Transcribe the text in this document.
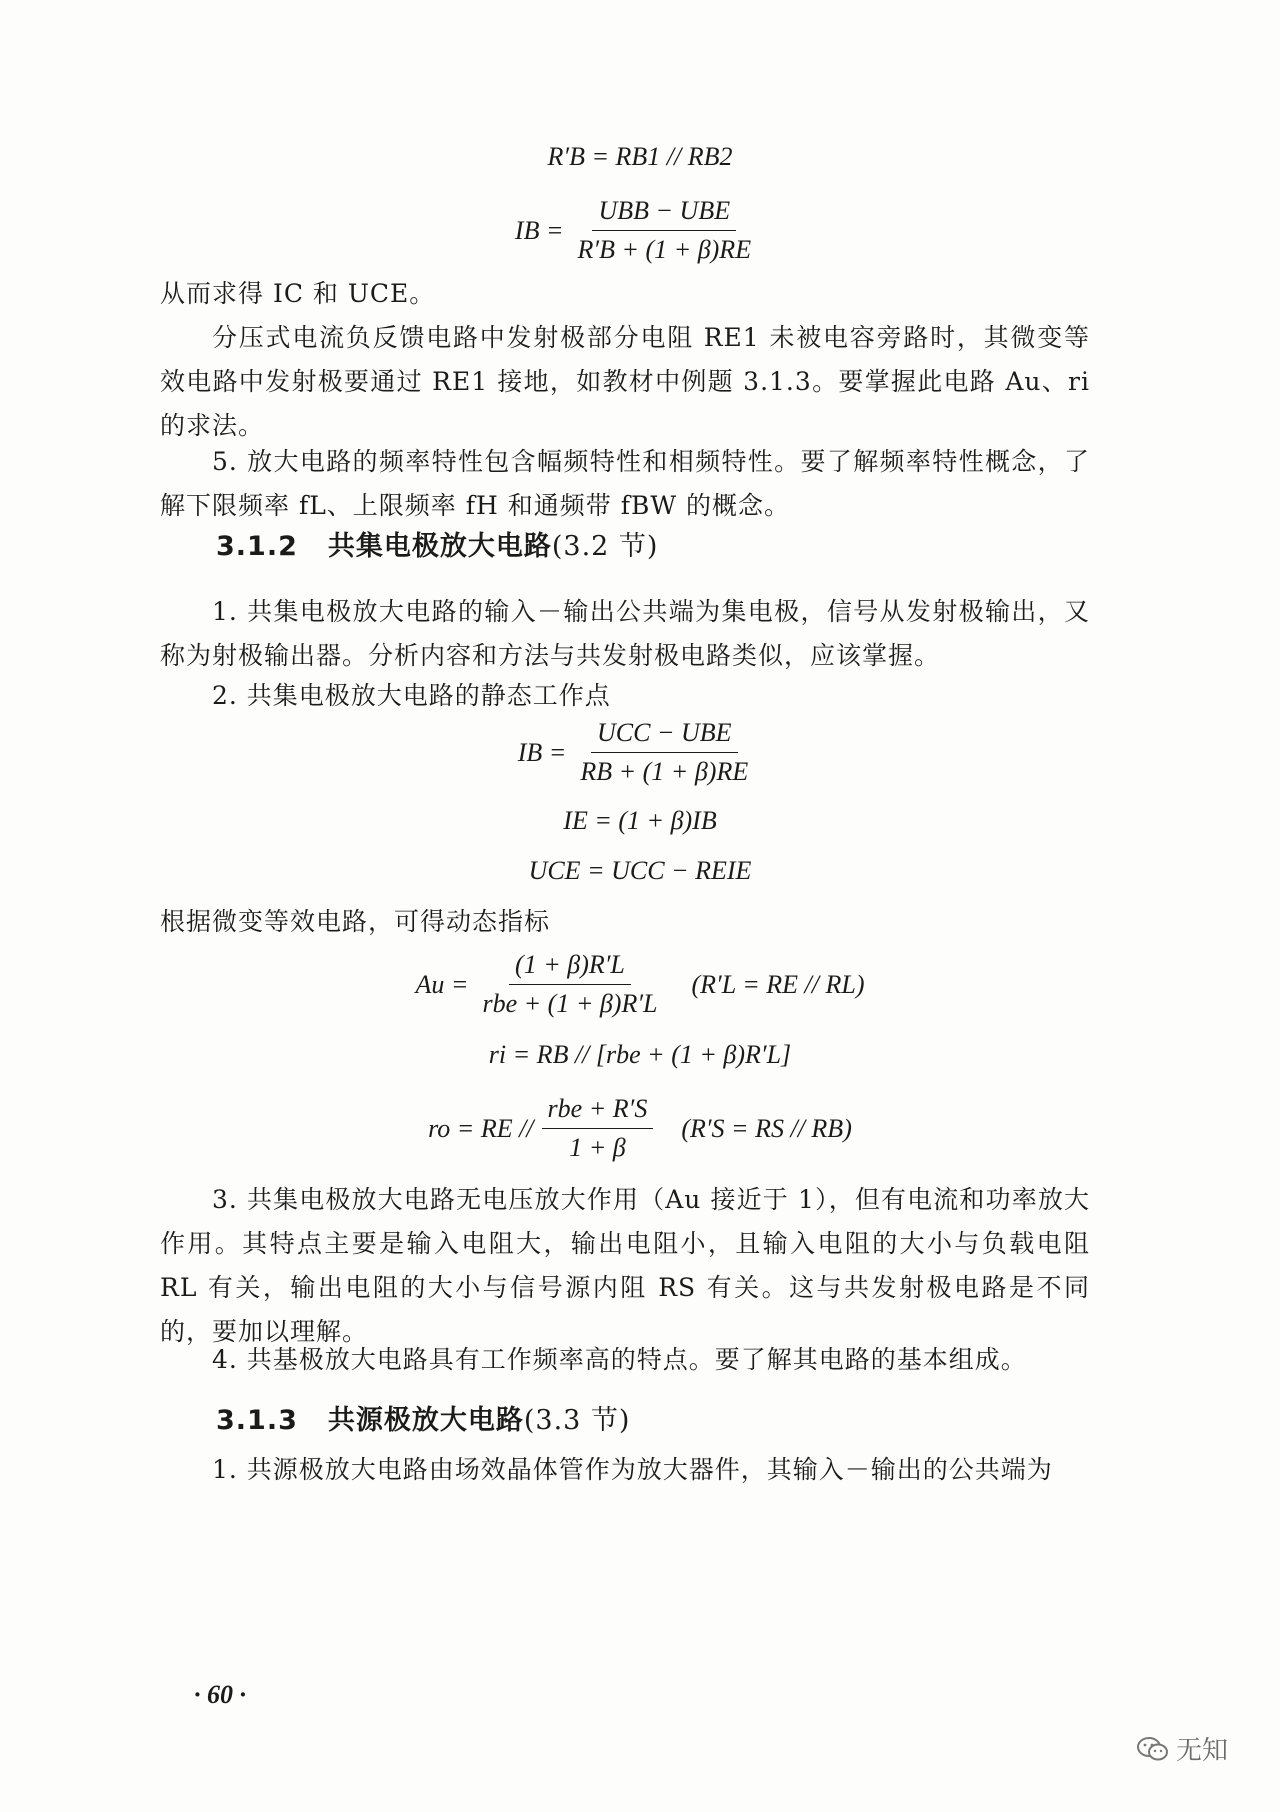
R′B = RB1 // RB2
IB = $\frac{\text{UBB − UBE}}{R'B + (1 + \beta)RE}$
从而求得 IC 和 UCE。
分压式电流负反馈电路中发射极部分电阻 RE1 未被电容旁路时，其微变等效电路中发射极要通过 RE1 接地，如教材中例题 3.1.3。要掌握此电路 Au、ri 的求法。
5. 放大电路的频率特性包含幅频特性和相频特性。要了解频率特性概念，了解下限频率 fL、上限频率 fH 和通频带 fBW 的概念。
3.1.2 共集电极放大电路(3.2 节)
1. 共集电极放大电路的输入－输出公共端为集电极，信号从发射极输出，又称为射极输出器。分析内容和方法与共发射极电路类似，应该掌握。
2. 共集电极放大电路的静态工作点
IB = $\frac{\text{UCC − UBE}}{RB + (1 + \beta)RE}$
IE = (1 + β)IB
UCE = UCC − REIE
根据微变等效电路，可得动态指标
$Au = \frac{(1 + \beta)R'L}{\text{rbe + (1 + β)R′L}} (R'L$ = RE // RL)
ri = RB // [rbe + (1 + β)R′L]
ro = RE // $\frac{\text{rbe + R′S}}{1 + \beta} (R'S$ = RS // RB)
3. 共集电极放大电路无电压放大作用（Au 接近于 1），但有电流和功率放大作用。其特点主要是输入电阻大，输出电阻小，且输入电阻的大小与负载电阻 RL 有关，输出电阻的大小与信号源内阻 RS 有关。这与共发射极电路是不同的，要加以理解。
4. 共基极放大电路具有工作频率高的特点。要了解其电路的基本组成。
3.1.3 共源极放大电路(3.3 节)
1. 共源极放大电路由场效晶体管作为放大器件，其输入－输出的公共端为
· 60 ·
无知
